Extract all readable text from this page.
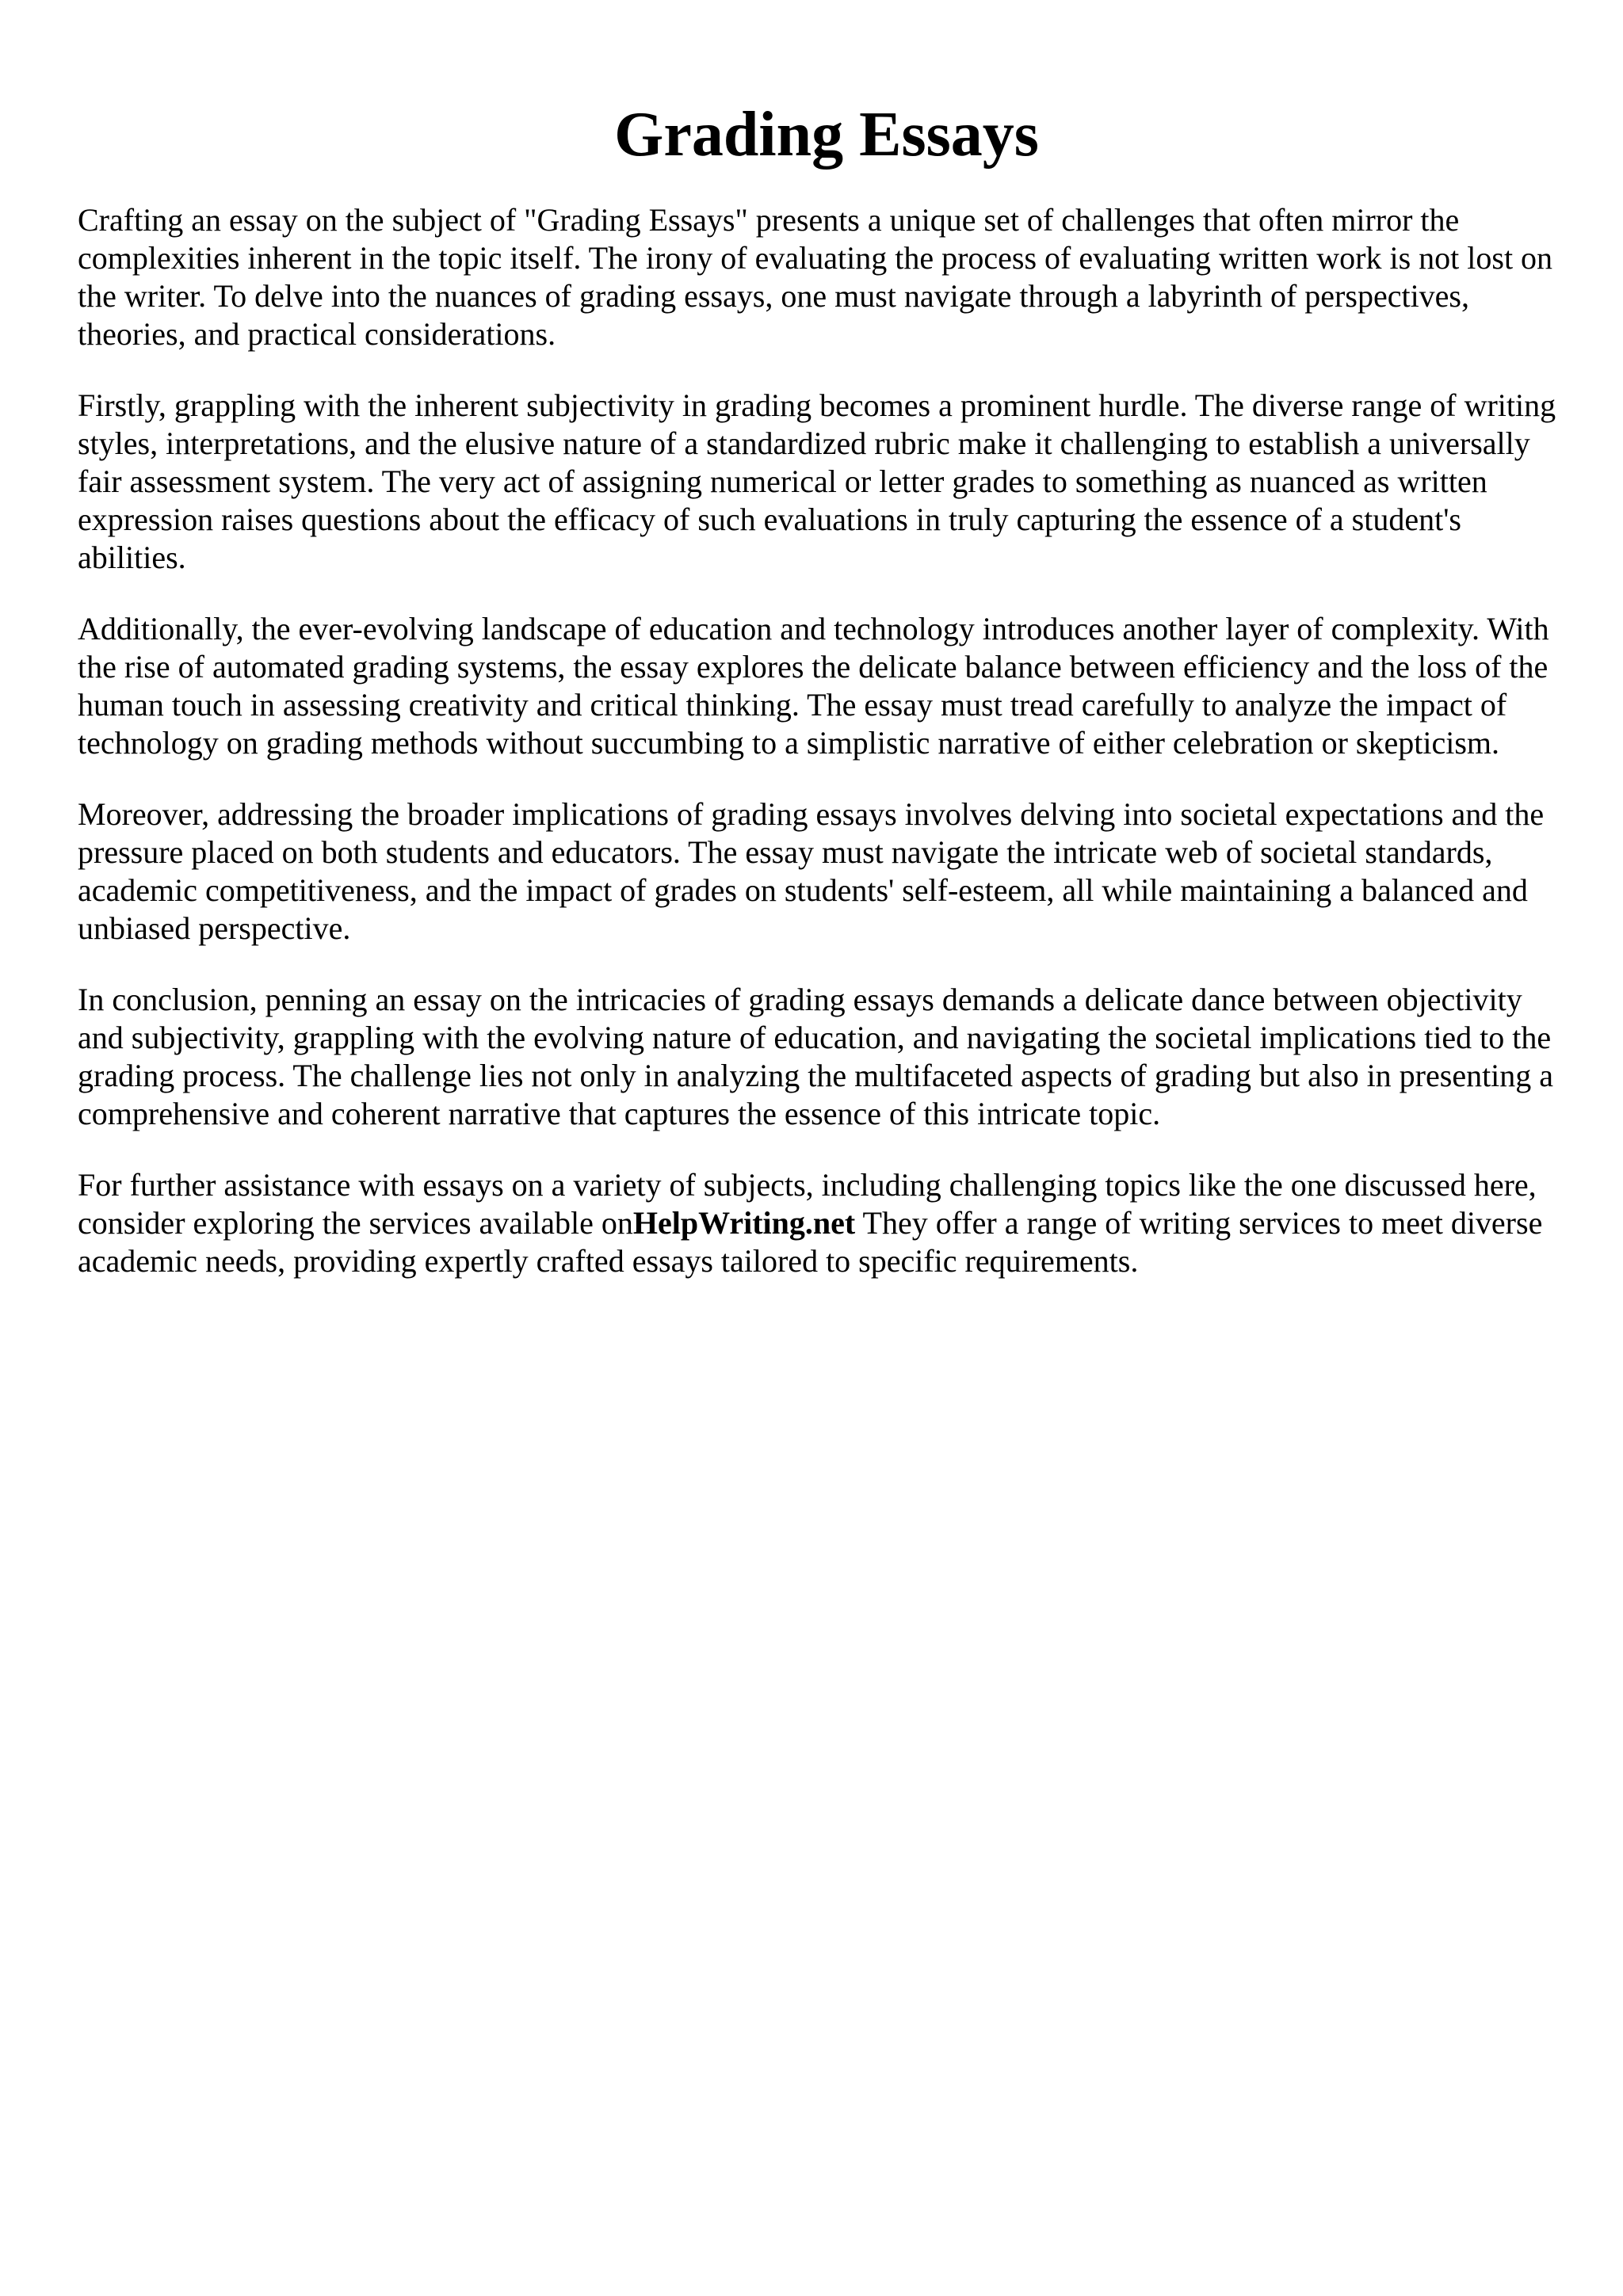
Grading Essays

Crafting an essay on the subject of "Grading Essays" presents a unique set of challenges that often mirror the complexities inherent in the topic itself. The irony of evaluating the process of evaluating written work is not lost on the writer. To delve into the nuances of grading essays, one must navigate through a labyrinth of perspectives, theories, and practical considerations.

Firstly, grappling with the inherent subjectivity in grading becomes a prominent hurdle. The diverse range of writing styles, interpretations, and the elusive nature of a standardized rubric make it challenging to establish a universally fair assessment system. The very act of assigning numerical or letter grades to something as nuanced as written expression raises questions about the efficacy of such evaluations in truly capturing the essence of a student's abilities.

Additionally, the ever-evolving landscape of education and technology introduces another layer of complexity. With the rise of automated grading systems, the essay explores the delicate balance between efficiency and the loss of the human touch in assessing creativity and critical thinking. The essay must tread carefully to analyze the impact of technology on grading methods without succumbing to a simplistic narrative of either celebration or skepticism.

Moreover, addressing the broader implications of grading essays involves delving into societal expectations and the pressure placed on both students and educators. The essay must navigate the intricate web of societal standards, academic competitiveness, and the impact of grades on students' self-esteem, all while maintaining a balanced and unbiased perspective.

In conclusion, penning an essay on the intricacies of grading essays demands a delicate dance between objectivity and subjectivity, grappling with the evolving nature of education, and navigating the societal implications tied to the grading process. The challenge lies not only in analyzing the multifaceted aspects of grading but also in presenting a comprehensive and coherent narrative that captures the essence of this intricate topic.

For further assistance with essays on a variety of subjects, including challenging topics like the one discussed here, consider exploring the services available onHelpWriting.net They offer a range of writing services to meet diverse academic needs, providing expertly crafted essays tailored to specific requirements.
